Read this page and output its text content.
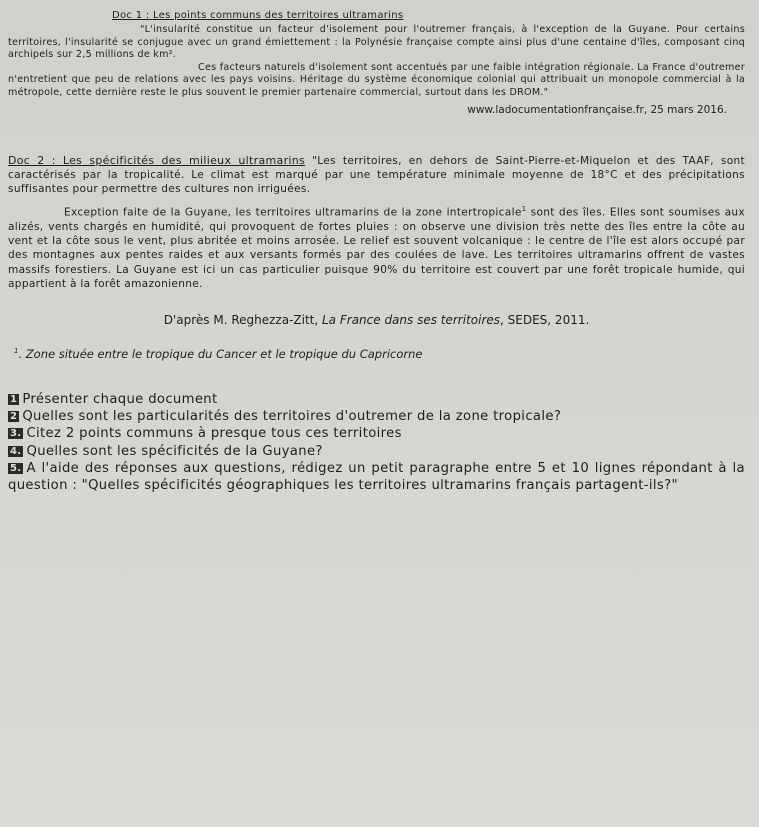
Doc 1 : Les points communs des territoires ultramarins

"L'insularité constitue un facteur d'isolement pour l'outremer français, à l'exception de la Guyane. Pour certains territoires, l'insularité se conjugue avec un grand émiettement : la Polynésie française compte ainsi plus d'une centaine d'îles, composant cinq archipels sur 2,5 millions de km².

Ces facteurs naturels d'isolement sont accentués par une faible intégration régionale. La France d'outremer n'entretient que peu de relations avec les pays voisins. Héritage du système économique colonial qui attribuait un monopole commercial à la métropole, cette dernière reste le plus souvent le premier partenaire commercial, surtout dans les DROM."

www.ladocumentationfrançaise.fr, 25 mars 2016.

Doc 2 : Les spécificités des milieux ultramarins "Les territoires, en dehors de Saint-Pierre-et-Miquelon et des TAAF, sont caractérisés par la tropicalité. Le climat est marqué par une température minimale moyenne de 18°C et des précipitations suffisantes pour permettre des cultures non irriguées.

Exception faite de la Guyane, les territoires ultramarins de la zone intertropicale$^1$ sont des îles. Elles sont soumises aux alizés, vents chargés en humidité, qui provoquent de fortes pluies : on observe une division très nette des îles entre la côte au vent et la côte sous le vent, plus abritée et moins arrosée. Le relief est souvent volcanique : le centre de l'île est alors occupé par des montagnes aux pentes raides et aux versants formés par des coulées de lave. Les territoires ultramarins offrent de vastes massifs forestiers. La Guyane est ici un cas particulier puisque 90% du territoire est couvert par une forêt tropicale humide, qui appartient à la forêt amazonienne.

D'après M. Reghezza-Zitt, La France dans ses territoires, SEDES, 2011.
$^1$. Zone située entre le tropique du Cancer et le tropique du Capricorne

1 Présenter chaque document

2 Quelles sont les particularités des territoires d'outremer de la zone tropicale?

3. Citez 2 points communs à presque tous ces territoires

4. Quelles sont les spécificités de la Guyane?

5. A l'aide des réponses aux questions, rédigez un petit paragraphe entre 5 et 10 lignes répondant à la question : "Quelles spécificités géographiques les territoires ultramarins français partagent-ils?"
